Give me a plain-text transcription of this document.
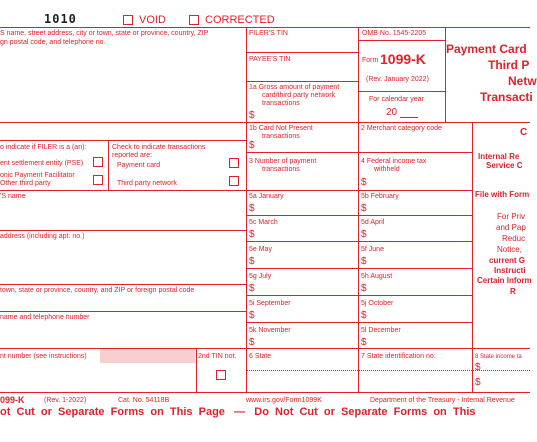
1010	VOID	CORRECTED
S name, street address, city or town, state or province, country, ZIP
gn postal code, and telephone no.
FILER'S TIN
PAYEE'S TIN
OMB No. 1545-2205
Form 1099-K
(Rev. January 2022)
For calendar year
20
Payment Card
Third P
Netw
Transacti
1a Gross amount of payment
card/third party network
transactions
$
o indicate if FILER is a (an):
ent settlement entity (PSE)
onic Payment Facilitator
Other third party
Check to indicate transactions
reported are:
Payment card
Third party network
1b Card Not Present
transactions
$
2 Merchant category code
3 Number of payment
transactions
4 Federal income tax
withheld
$
5a January
$
5b February
$
5c March
$
5d April
$
5e May
$
5f June
$
5g July
$
5h August
$
5i September
$
5j October
$
5k November
$
5l December
$
'S name
address (including apt. no.)
town, state or province, country, and ZIP or foreign postal code
name and telephone number
nt number (see instructions)	2nd TIN not. 6 State	7 State identification no.	8 State income ta
$
$
C
Internal Re
Service C
File with Form
For Priv
and Pap
Reduc
Notice,
current G
Instructi
Certain Inform
R
099-K	(Rev. 1-2022)	Cat. No. 54118B	www.irs.gov/Form1099K	Department of the Treasury - Internal Revenue
ot  Cut  or  Separate  Forms  on  This  Page   —   Do  Not  Cut  or  Separate  Forms  on  This
